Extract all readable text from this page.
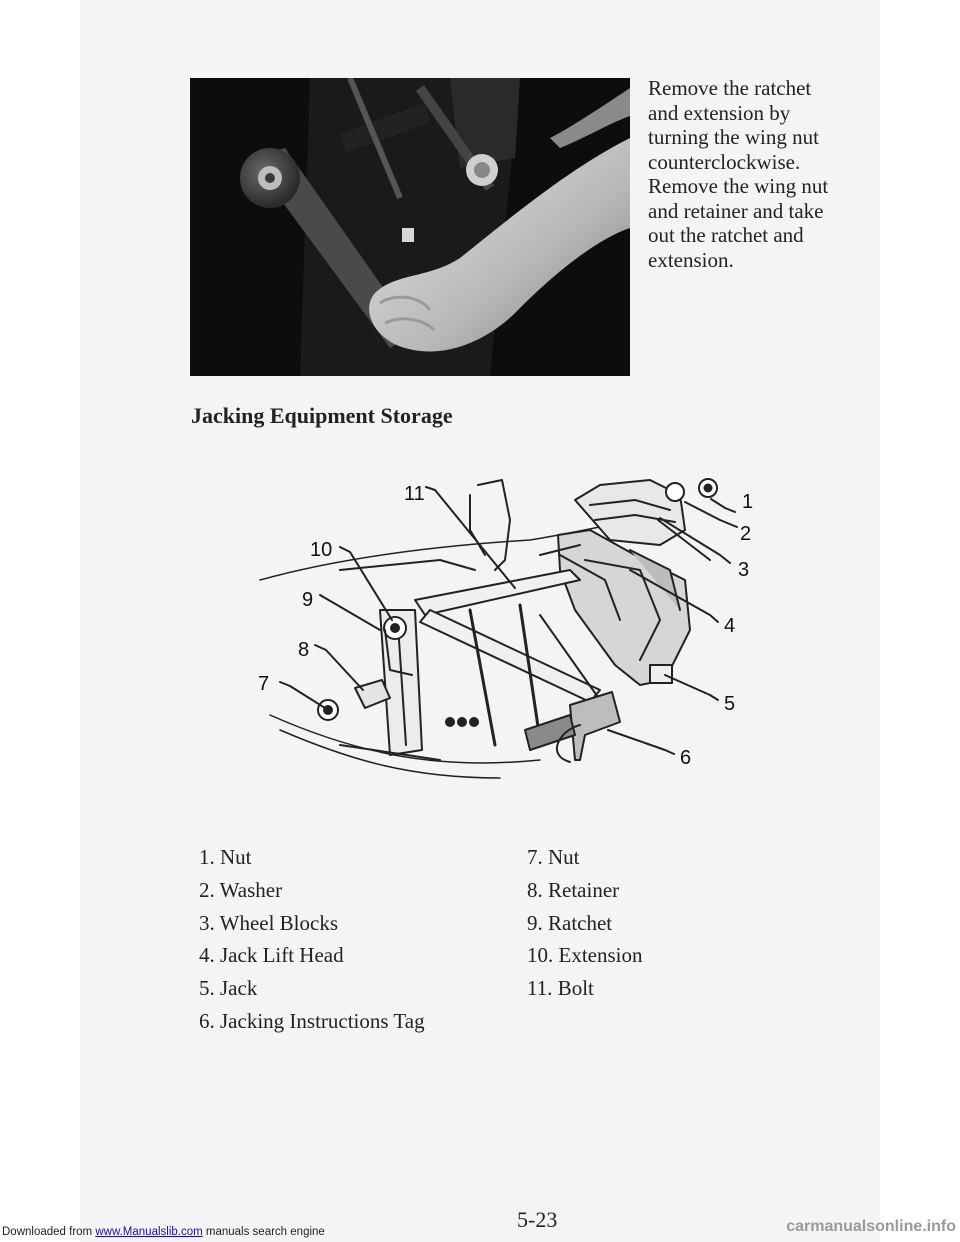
Remove the ratchet
and extension by
turning the wing nut
counterclockwise.
Remove the wing nut
and retainer and take
out the ratchet and
extension.
Jacking Equipment Storage
1
2
3
4
5
6
7
8
9
10
11
1. Nut
2. Washer
3. Wheel Blocks
4. Jack Lift Head
5. Jack
6. Jacking Instructions Tag
7. Nut
8. Retainer
9. Ratchet
10. Extension
11. Bolt
5-23
Downloaded from www.Manualslib.com manuals search engine	carmanualsonline.info
